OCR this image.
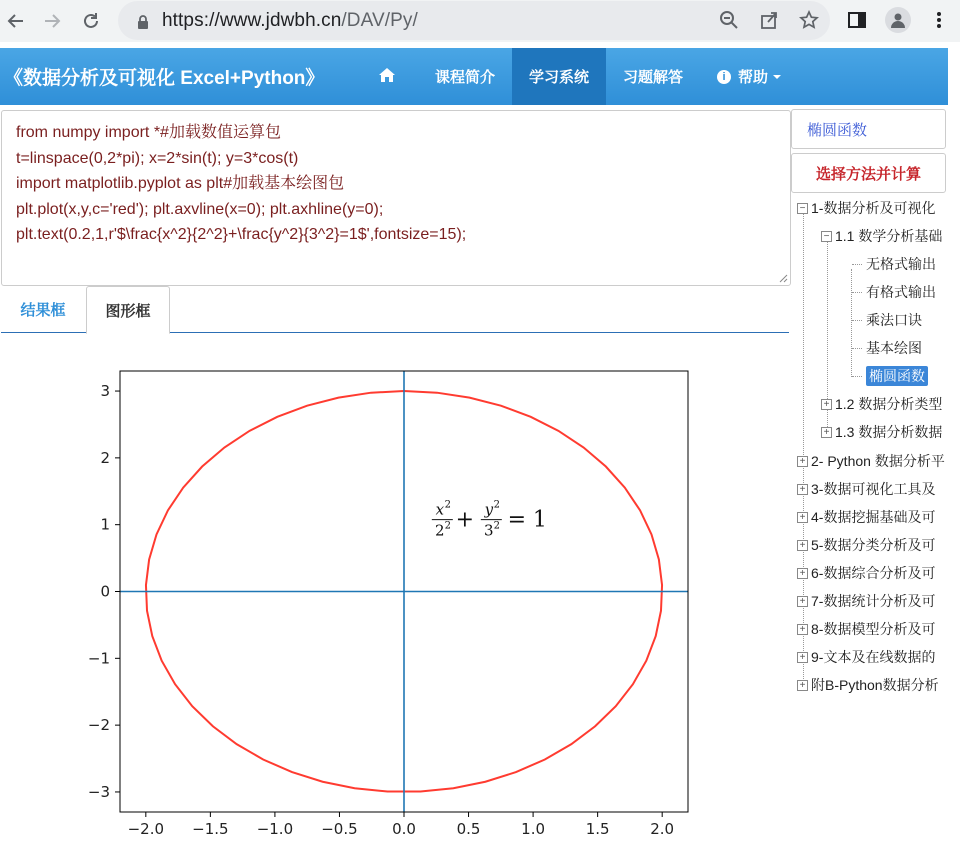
https://www.jdwbh.cn/DAV/Py/
《数据分析及可视化 Excel+Python》	课程简介	学习系统	习题解答	i 帮助
from numpy import *#加载数值运算包
t=linspace(0,2*pi); x=2*sin(t); y=3*cos(t)
import matplotlib.pyplot as plt#加载基本绘图包
plt.plot(x,y,c='red'); plt.axvline(x=0); plt.axhline(y=0);
plt.text(0.2,1,r'$\frac{x^2}{2^2}+\frac{y^2}{3^2}=1$',fontsize=15);
结果框	图形框
−2.0 −1.5 −1.0 −0.5 0.0	0.5	1.0	1.5	2.0
−3
−2
−1
0
1
2
3
x 2
2 2 + y 2
3 2 = 1
椭圆函数
选择方法并计算
− 1-数据分析及可视化
− 1.1 数学分析基础
无格式输出
有格式输出
乘法口诀
基本绘图
椭圆函数
+ 1.2 数据分析类型
+ 1.3 数据分析数据
+ 2- Python 数据分析平
+ 3-数据可视化工具及
+ 4-数据挖掘基础及可
+ 5-数据分类分析及可
+ 6-数据综合分析及可
+ 7-数据统计分析及可
+ 8-数据模型分析及可
+ 9-文本及在线数据的
+ 附B-Python数据分析
